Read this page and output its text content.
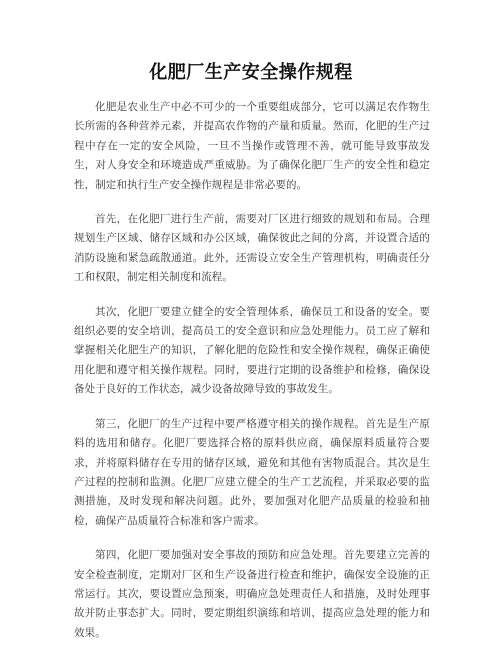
化肥厂生产安全操作规程

化肥是农业生产中必不可少的一个重要组成部分，它可以满足农作物生长所需的各种营养元素，并提高农作物的产量和质量。然而，化肥的生产过程中存在一定的安全风险，一旦不当操作或管理不善，就可能导致事故发生，对人身安全和环境造成严重威胁。为了确保化肥厂生产的安全性和稳定性，制定和执行生产安全操作规程是非常必要的。

首先，在化肥厂进行生产前，需要对厂区进行细致的规划和布局。合理规划生产区域、储存区域和办公区域，确保彼此之间的分离，并设置合适的消防设施和紧急疏散通道。此外，还需设立安全生产管理机构，明确责任分工和权限，制定相关制度和流程。

其次，化肥厂要建立健全的安全管理体系，确保员工和设备的安全。要组织必要的安全培训，提高员工的安全意识和应急处理能力。员工应了解和掌握相关化肥生产的知识，了解化肥的危险性和安全操作规程，确保正确使用化肥和遵守相关操作规程。同时，要进行定期的设备维护和检修，确保设备处于良好的工作状态，减少设备故障导致的事故发生。

第三，化肥厂的生产过程中要严格遵守相关的操作规程。首先是生产原料的选用和储存。化肥厂要选择合格的原料供应商，确保原料质量符合要求，并将原料储存在专用的储存区域，避免和其他有害物质混合。其次是生产过程的控制和监测。化肥厂应建立健全的生产工艺流程，并采取必要的监测措施，及时发现和解决问题。此外，要加强对化肥产品质量的检验和抽检，确保产品质量符合标准和客户需求。

第四，化肥厂要加强对安全事故的预防和应急处理。首先要建立完善的安全检查制度，定期对厂区和生产设备进行检查和维护，确保安全设施的正常运行。其次，要设置应急预案，明确应急处理责任人和措施，及时处理事故并防止事态扩大。同时，要定期组织演练和培训，提高应急处理的能力和效果。
